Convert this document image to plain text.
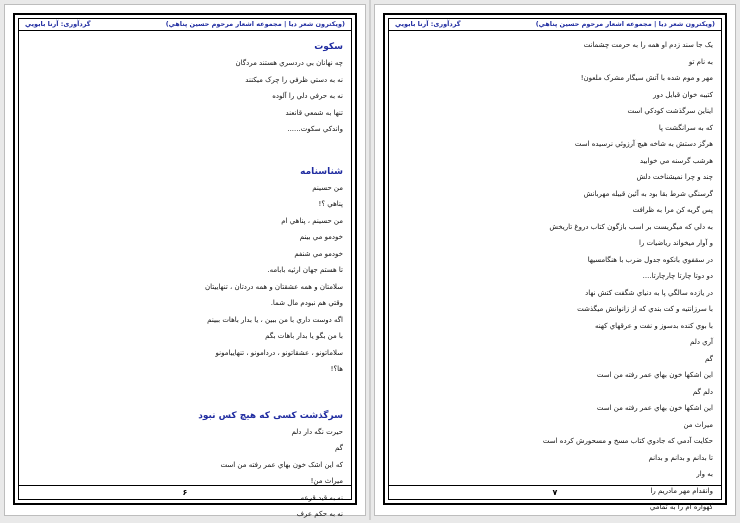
(ويكترون شعر ديا | مجموعه اشعار مرحوم حسين پناهي)
گردآورى: آرنا بابويي
سكوت
چه نهانان بي دردسري هستند مردگان
نه به دستي ظرفي را چرک ميكنند
نه به حرفي دلي را آلوده
تنها به شمعي قانعند
واندكي سكوت......
شناسنامه
من حسينم
پناهي ؟!
من حسينم ، پناهي ام
خودمو مي بينم
خودمو مي شنفم
تا هستم جهان ارثيه بابامه.
سلامتان و همه عشقتان و همه دردتان ، تنهاييتان
وقتي هم نبودم مال شما.
اگه دوست داري با من ببين ، يا بدار باهات ببينم
با من بگو يا بدار باهات بگم
سلاماتونو ، عشقاتونو ، دردامونو ، تنهاييامونو
ها؟!
سرگذشت كسى كه هيچ كس نبود
حيرت نگه دار دلم
گم
كه اين اشک خون بهاي عمر رفته من است
ميراث من!
نه به قيد قرعه
نه به حكم عرف
۶
(ويكترون شعر ديا | مجموعه اشعار مرحوم حسين پناهي)
گردآورى: آرنا بابويي
يک جا سند زدم او همه را به حرمت چشمانت
به نام تو
مهر و موم شده با آتش سيگار مشرک ملعون!
كتيبه خوان قبايل دور
ايناين سرگذشت كودكي است
كه به سرانگشت پا
هرگز دستش به شاخه هيچ آرزوئي نرسيده است
هرشب گرسنه مي خوابيد
چند و چرا نميشناخت دلش
گرسنگي شرط بقا بود به آئين قبيله مهربانش
پس گريه كن مرا به ظرافت
به دلي كه ميگريست بر اسب بازگون كتاب دروغ تاريخش
و آوار ميخواند رياضيات را
در سقفوي بانكوه جدول ضرب با هنگامسيها
دو دوتا چارتا چارچارتا....
در يازده سالگي پا به دنياي شگفت كتش نهاد
با سرزانتيه و كت بندي كه از زانوانش ميگذشت
با بوي كنده بدسوز و نفت و عرقهاي كهنه
آري دلم
گم
اين اشكها خون بهاي عمر رفته من است
دلم گم
اين اشكها خون بهاي عمر رفته من است
ميراث من
حكايت آدمي كه جادوي كتاب مسخ و مسحورش كرده است
تا بدانم و بدانم و بدانم
به وار
وانقدام مهر مادريم را
گهواره ام را به تمامي
۷
